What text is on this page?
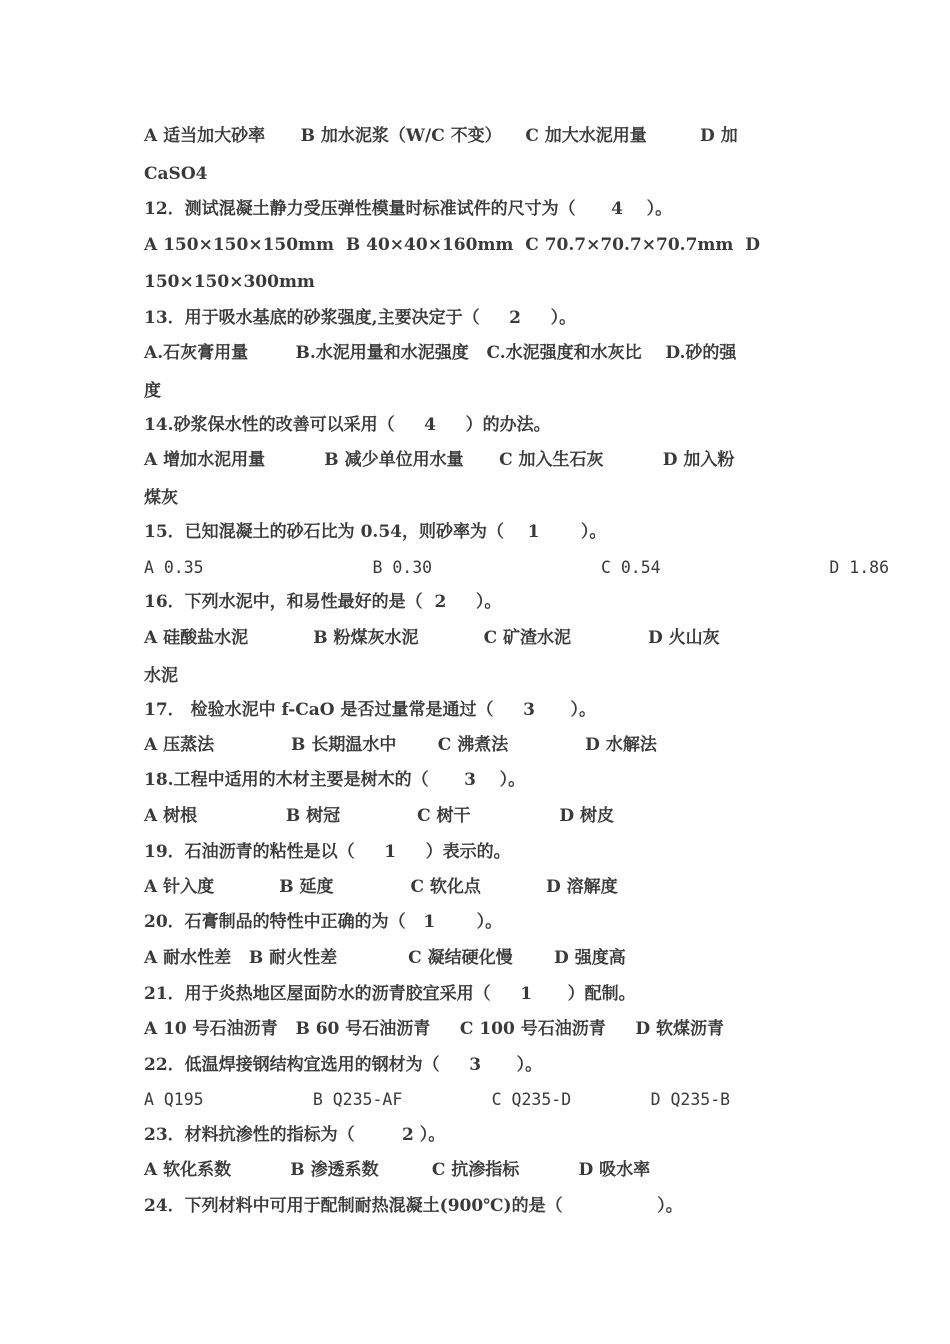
A 适当加大砂率      B 加水泥浆（W/C 不变）    C 加大水泥用量         D 加
CaSO4
12．测试混凝土静力受压弹性模量时标准试件的尺寸为（      4    ）。
A 150×150×150mm  B 40×40×160mm  C 70.7×70.7×70.7mm  D
150×150×300mm
13．用于吸水基底的砂浆强度,主要决定于（     2     ）。
A.石灰膏用量        B.水泥用量和水泥强度   C.水泥强度和水灰比    D.砂的强
度
14.砂浆保水性的改善可以采用（     4     ）的办法。
A 增加水泥用量          B 减少单位用水量      C 加入生石灰          D 加入粉
煤灰
15．已知混凝土的砂石比为 0.54，则砂率为（    1       ）。
A 0.35                 B 0.30                 C 0.54                 D 1.86
16．下列水泥中，和易性最好的是（  2     ）。
A 硅酸盐水泥           B 粉煤灰水泥           C 矿渣水泥             D 火山灰
水泥
17． 检验水泥中 f-CaO 是否过量常是通过（     3      ）。
A 压蒸法             B 长期温水中       C 沸煮法             D 水解法
18.工程中适用的木材主要是树木的（      3    ）。
A 树根               B 树冠             C 树干               D 树皮
19．石油沥青的粘性是以（     1     ）表示的。
A 针入度           B 延度             C 软化点           D 溶解度
20．石膏制品的特性中正确的为（   1       ）。
A 耐水性差   B 耐火性差            C 凝结硬化慢       D 强度高
21．用于炎热地区屋面防水的沥青胶宜采用（     1      ）配制。
A 10 号石油沥青   B 60 号石油沥青     C 100 号石油沥青     D 软煤沥青
22．低温焊接钢结构宜选用的钢材为（     3      ）。
A Q195           B Q235-AF         C Q235-D        D Q235-B
23．材料抗渗性的指标为（        2 ）。
A 软化系数          B 渗透系数         C 抗渗指标          D 吸水率
24．下列材料中可用于配制耐热混凝土(900℃)的是（                ）。
